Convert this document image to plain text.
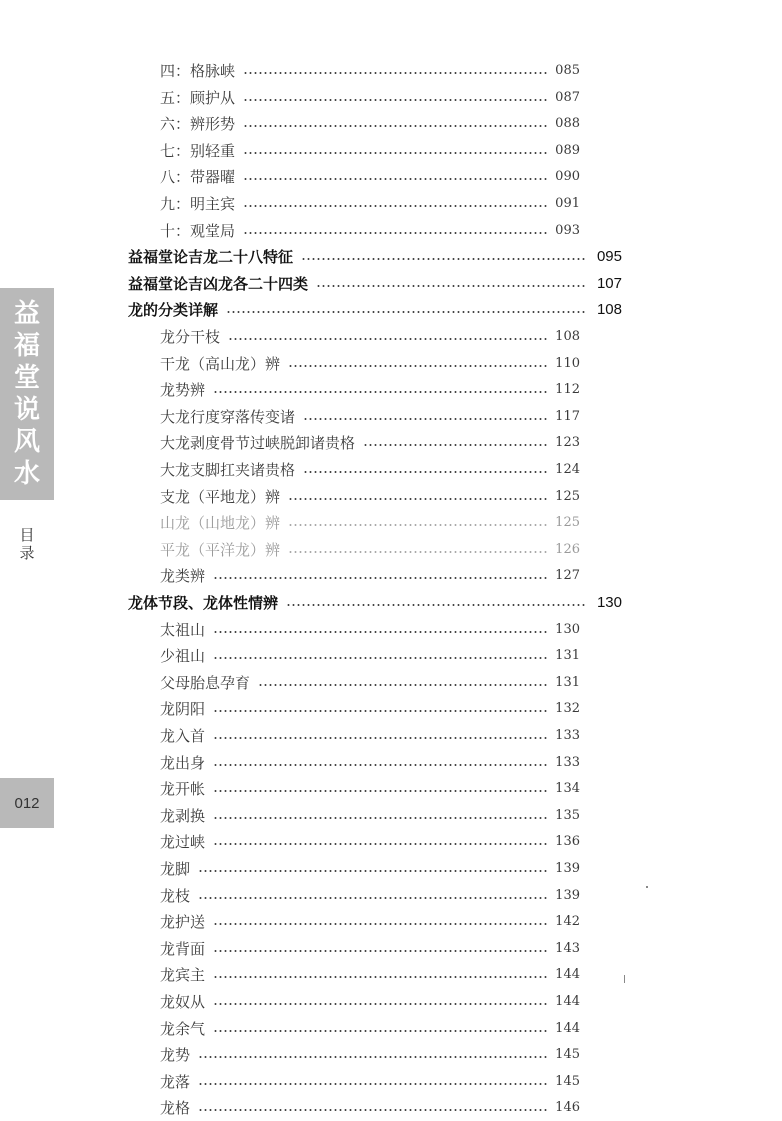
益
福
堂
说
风
水
目
录
012
四：格脉峡	085
五：顾护从	087
六：辨形势	088
七：别轻重	089
八：带器曜	090
九：明主宾	091
十：观堂局	093
益福堂论吉龙二十八特征	095
益福堂论吉凶龙各二十四类	107
龙的分类详解	108
龙分干枝	108
干龙（高山龙）辨	110
龙势辨	112
大龙行度穿落传变诸	117
大龙剥度骨节过峡脱卸诸贵格	123
大龙支脚扛夹诸贵格	124
支龙（平地龙）辨	125
山龙（山地龙）辨	125
平龙（平洋龙）辨	126
龙类辨	127
龙体节段、龙体性情辨	130
太祖山	130
少祖山	131
父母胎息孕育	131
龙阴阳	132
龙入首	133
龙出身	133
龙开帐	134
龙剥换	135
龙过峡	136
龙脚	139
龙枝	139
龙护送	142
龙背面	143
龙宾主	144
龙奴从	144
龙余气	144
龙势	145
龙落	145
龙格	146
